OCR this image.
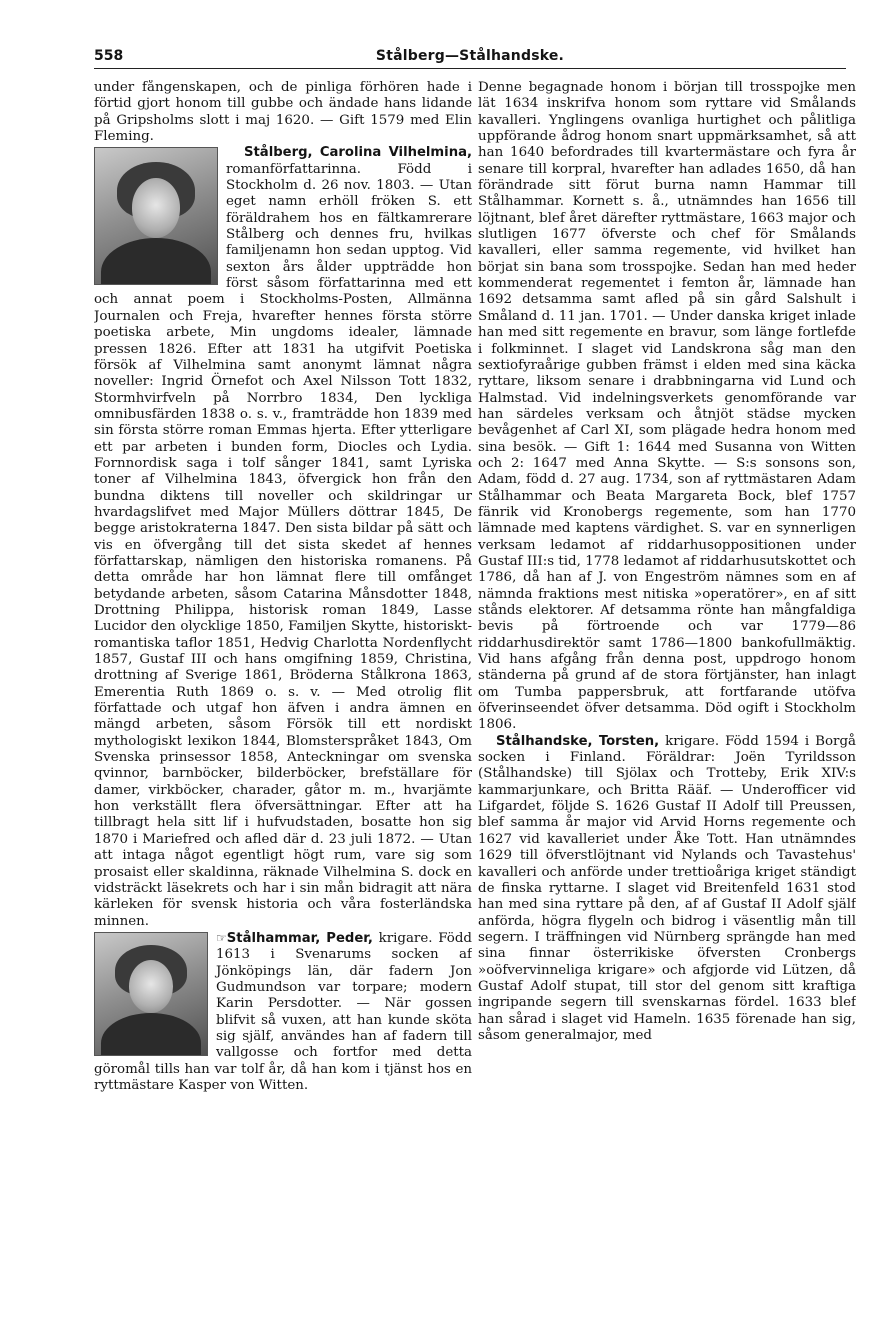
558	Stålberg—Stålhandske.

under fångenskapen, och de pinliga förhören hade i förtid gjort honom till gubbe och ändade hans lidande på Gripsholms slott i maj 1620. — Gift 1579 med Elin Fleming.

Stålberg, Carolina Vilhelmina, romanförfattarinna. Född i Stockholm d. 26 nov. 1803. — Utan eget namn erhöll fröken S. ett föräldrahem hos en fältkamrerare Stålberg och dennes fru, hvilkas familjenamn hon sedan upptog. Vid sexton års ålder uppträdde hon först såsom författarinna med ett och annat poem i Stockholms-Posten, Allmänna Journalen och Freja, hvarefter hennes första större poetiska arbete, Min ungdoms idealer, lämnade pressen 1826. Efter att 1831 ha utgifvit Poetiska försök af Vilhelmina samt anonymt lämnat några noveller: Ingrid Örnefot och Axel Nilsson Tott 1832, Stormhvirfveln på Norrbro 1834, Den lyckliga omnibusfärden 1838 o. s. v., framträdde hon 1839 med sin första större roman Emmas hjerta. Efter ytterligare ett par arbeten i bunden form, Diocles och Lydia. Fornnordisk saga i tolf sånger 1841, samt Lyriska toner af Vilhelmina 1843, öfvergick hon från den bundna diktens till noveller och skildringar ur hvardagslifvet med Major Müllers döttrar 1845, De begge aristokraterna 1847. Den sista bildar på sätt och vis en öfvergång till det sista skedet af hennes författarskap, nämligen den historiska romanens. På detta område har hon lämnat flere till omfånget betydande arbeten, såsom Catarina Månsdotter 1848, Drottning Philippa, historisk roman 1849, Lasse Lucidor den olycklige 1850, Familjen Skytte, historiskt-romantiska taflor 1851, Hedvig Charlotta Nordenflycht 1857, Gustaf III och hans omgifning 1859, Christina, drottning af Sverige 1861, Bröderna Stålkrona 1863, Emerentia Ruth 1869 o. s. v. — Med otrolig flit författade och utgaf hon äfven i andra ämnen en mängd arbeten, såsom Försök till ett nordiskt mythologiskt lexikon 1844, Blomsterspråket 1843, Om Svenska prinsessor 1858, Anteckningar om svenska qvinnor, barnböcker, bilderböcker, brefställare för damer, virkböcker, charader, gåtor m. m., hvarjämte hon verkställt flera öfversättningar. Efter att ha tillbragt hela sitt lif i hufvudstaden, bosatte hon sig 1870 i Mariefred och afled där d. 23 juli 1872. — Utan att intaga något egentligt högt rum, vare sig som prosaist eller skaldinna, räknade Vilhelmina S. dock en vidsträckt läsekrets och har i sin mån bidragit att nära kärleken för svensk historia och våra fosterländska minnen.

☞Stålhammar, Peder,
krigare. Född 1613 i Svenarums socken af Jönköpings län, där fadern Jon Gudmundson var torpare; modern Karin Persdotter. — När gossen blifvit så vuxen, att han kunde sköta sig själf, användes han af fadern till vallgosse och fortfor med detta göromål tills han var tolf år, då han kom i tjänst hos en ryttmästare Kasper von Witten.

Denne begagnade honom i början till trosspojke men lät 1634 inskrifva honom som ryttare vid Smålands kavalleri. Ynglingens ovanliga hurtighet och pålitliga uppförande ådrog honom snart uppmärksamhet, så att han 1640 befordrades till kvartermästare och fyra år senare till korpral, hvarefter han adlades 1650, då han förändrade sitt förut burna namn Hammar till Stålhammar. Kornett s. å., utnämndes han 1656 till löjtnant, blef året därefter ryttmästare, 1663 major och slutligen 1677 öfverste och chef för Smålands kavalleri, eller samma regemente, vid hvilket han börjat sin bana som trosspojke. Sedan han med heder kommenderat regementet i femton år, lämnade han 1692 detsamma samt afled på sin gård Salshult i Småland d. 11 jan. 1701. — Under danska kriget inlade han med sitt regemente en bravur, som länge fortlefde i folkminnet. I slaget vid Landskrona såg man den sextiofyraårige gubben främst i elden med sina käcka ryttare, liksom senare i drabbningarna vid Lund och Halmstad. Vid indelningsverkets genomförande var han särdeles verksam och åtnjöt städse mycken bevågenhet af Carl XI, som plägade hedra honom med sina besök. — Gift 1: 1644 med Susanna von Witten och 2: 1647 med Anna Skytte. — S:s sonsons son, Adam, född d. 27 aug. 1734, son af ryttmästaren Adam Stålhammar och Beata Margareta Bock, blef 1757 fänrik vid Kronobergs regemente, som han 1770 lämnade med kaptens värdighet. S. var en synnerligen verksam ledamot af riddarhusoppositionen under Gustaf III:s tid, 1778 ledamot af riddarhusutskottet och 1786, då han af J. von Engeström nämnes som en af nämnda fraktions mest nitiska »operatörer», en af sitt stånds elektorer. Af detsamma rönte han mångfaldiga bevis på förtroende och var 1779—86 riddarhusdirektör samt 1786—1800 bankofullmäktig. Vid hans afgång från denna post, uppdrogo honom ständerna på grund af de stora förtjänster, han inlagt om Tumba pappersbruk, att fortfarande utöfva öfverinseendet öfver detsamma. Död ogift i Stockholm 1806.

Stålhandske, Torsten, krigare. Född 1594 i Borgå socken i Finland. Föräldrar: Joën Tyrildsson (Stålhandske) till Sjölax och Trotteby, Erik XIV:s kammarjunkare, och Britta Rääf. — Underofficer vid Lifgardet, följde S. 1626 Gustaf II Adolf till Preussen, blef samma år major vid Arvid Horns regemente och 1627 vid kavalleriet under Åke Tott. Han utnämndes 1629 till öfverstlöjtnant vid Nylands och Tavastehus' kavalleri och anförde under trettioåriga kriget ständigt de finska ryttarne. I slaget vid Breitenfeld 1631 stod han med sina ryttare på den, af af Gustaf II Adolf själf anförda, högra flygeln och bidrog i väsentlig mån till segern. I träffningen vid Nürnberg sprängde han med sina finnar österrikiske öfversten Cronbergs »oöfvervinneliga krigare» och afgjorde vid Lützen, då Gustaf Adolf stupat, till stor del genom sitt kraftiga ingripande segern till svenskarnas fördel. 1633 blef han sårad i slaget vid Hameln. 1635 förenade han sig, såsom generalmajor, med
